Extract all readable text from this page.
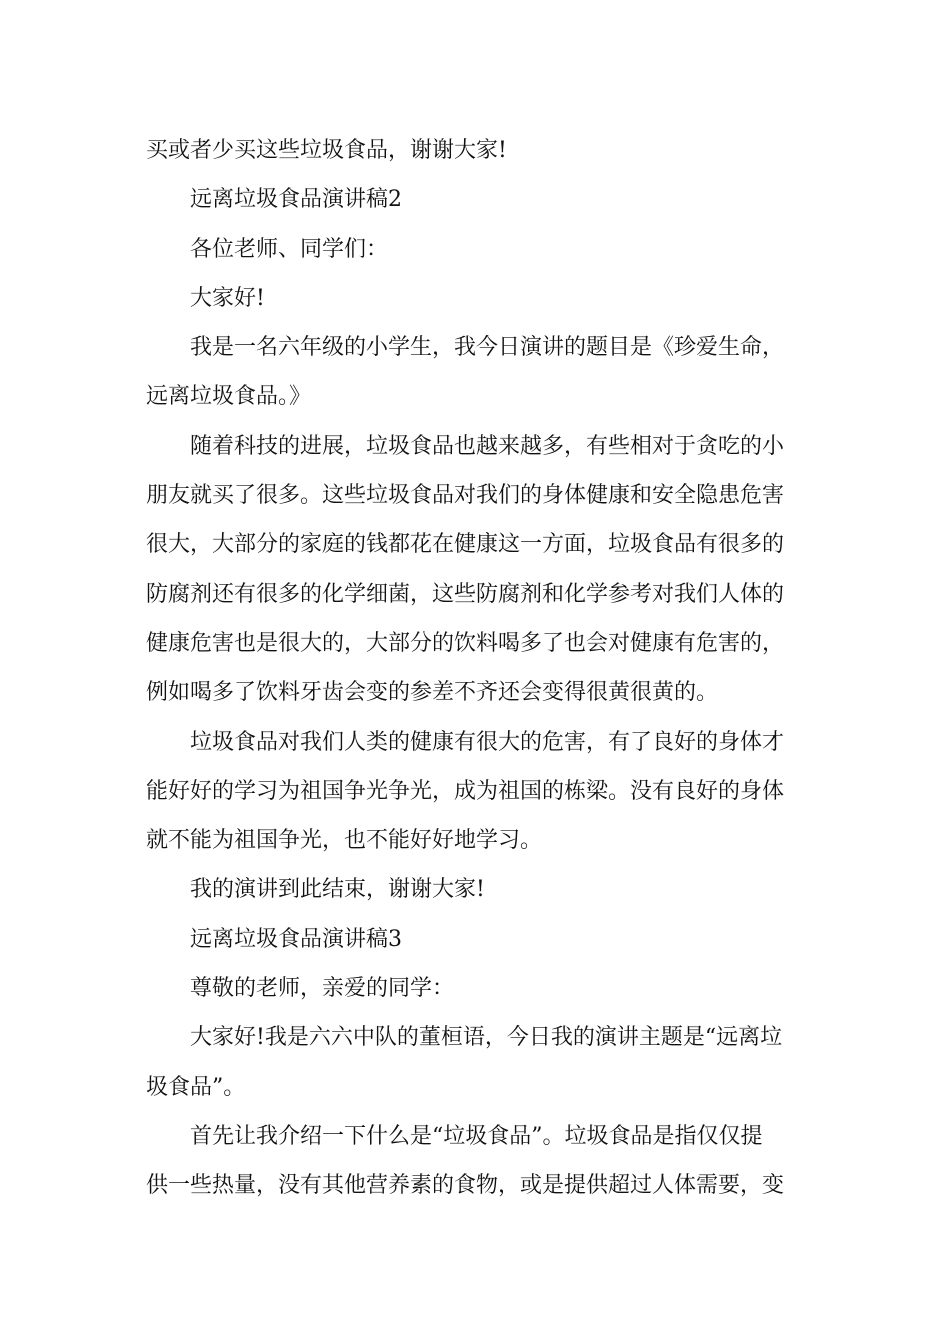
买或者少买这些垃圾食品，谢谢大家!
远离垃圾食品演讲稿2
各位老师、同学们：
大家好!
我是一名六年级的小学生，我今日演讲的题目是《珍爱生命，
远离垃圾食品。》
随着科技的进展，垃圾食品也越来越多，有些相对于贪吃的小
朋友就买了很多。这些垃圾食品对我们的身体健康和安全隐患危害
很大，大部分的家庭的钱都花在健康这一方面，垃圾食品有很多的
防腐剂还有很多的化学细菌，这些防腐剂和化学参考对我们人体的
健康危害也是很大的，大部分的饮料喝多了也会对健康有危害的，
例如喝多了饮料牙齿会变的参差不齐还会变得很黄很黄的。
垃圾食品对我们人类的健康有很大的危害，有了良好的身体才
能好好的学习为祖国争光争光，成为祖国的栋梁。没有良好的身体
就不能为祖国争光，也不能好好地学习。
我的演讲到此结束，谢谢大家!
远离垃圾食品演讲稿3
尊敬的老师，亲爱的同学：
大家好!我是六六中队的董桓语，今日我的演讲主题是“远离垃
圾食品”。
首先让我介绍一下什么是“垃圾食品”。垃圾食品是指仅仅提
供一些热量，没有其他营养素的食物，或是提供超过人体需要，变
